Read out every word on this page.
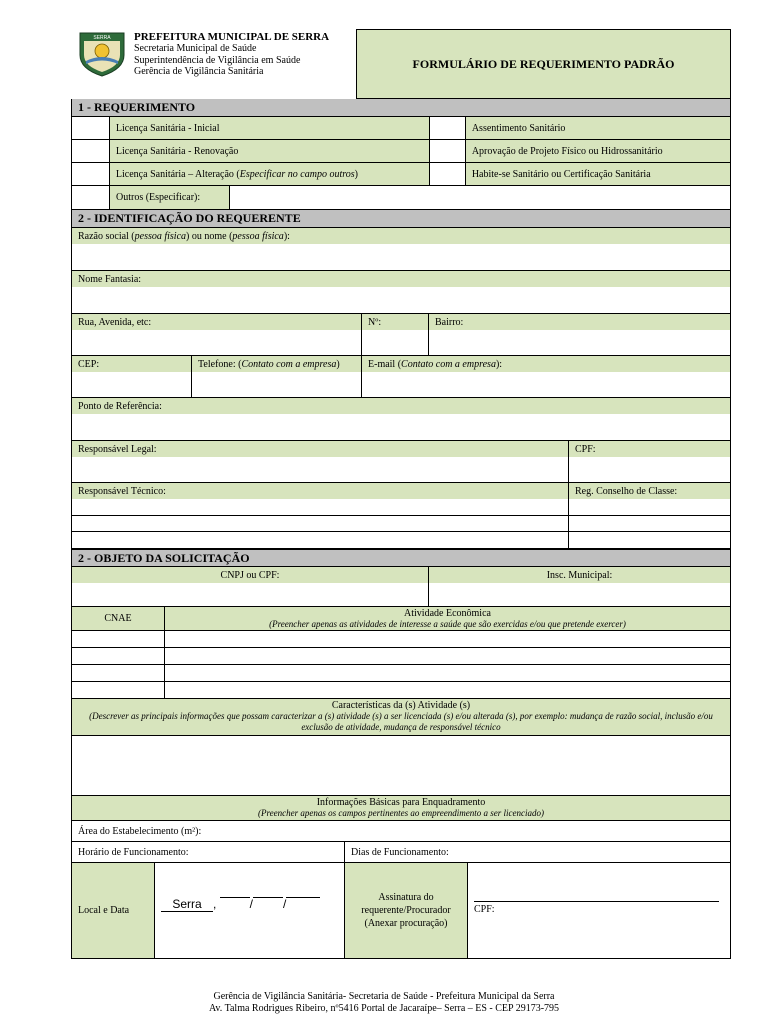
SERRA PREFEITURA MUNICIPAL DE SERRA
Secretaria Municipal de Saúde
Superintendência de Vigilância em Saúde
Gerência de Vigilância Sanitária
FORMULÁRIO DE REQUERIMENTO PADRÃO
1 - REQUERIMENTO
Licença Sanitária - Inicial	Assentimento Sanitário
Licença Sanitária - Renovação	Aprovação de Projeto Físico ou Hidrossanitário
Licença Sanitária – Alteração ( Especificar no campo outros )	Habite-se Sanitário ou Certificação Sanitária
Outros (Especificar):
2 - IDENTIFICAÇÃO DO REQUERENTE
Razão social ( pessoa física ) ou nome ( pessoa física ):
Nome Fantasia:
Rua, Avenida, etc:	Nº:	Bairro:
CEP:	Telefone: ( Contato com a empresa )	E-mail ( Contato com a empresa ):
Ponto de Referência:
Responsável Legal:	CPF:
Responsável Técnico:	Reg. Conselho de Classe:
2 - OBJETO DA SOLICITAÇÃO
CNPJ ou CPF:	Insc. Municipal:
CNAE	Atividade Econômica
(Preencher apenas as atividades de interesse a saúde que são exercidas e/ou que pretende exercer)
Características da (s) Atividade (s)
(Descrever as principais informações que possam caracterizar a (s) atividade (s) a ser licenciada (s) e/ou alterada (s), por exemplo: mudança de razão social, inclusão e/ou exclusão de atividade, mudança de responsável técnico
Informações Básicas para Enquadramento
(Preencher apenas os campos pertinentes ao empreendimento a ser licenciado)
Área do Estabelecimento (m²):
Horário de Funcionamento:	Dias de Funcionamento:
Local e Data	Serra ,	/	/	Assinatura do
requerente/Procurador
(Anexar procuração)
CPF:
Gerência de Vigilância Sanitária- Secretaria de Saúde - Prefeitura Municipal da Serra
Av. Talma Rodrigues Ribeiro, nº5416 Portal de Jacaraípe– Serra – ES - CEP 29173-795
